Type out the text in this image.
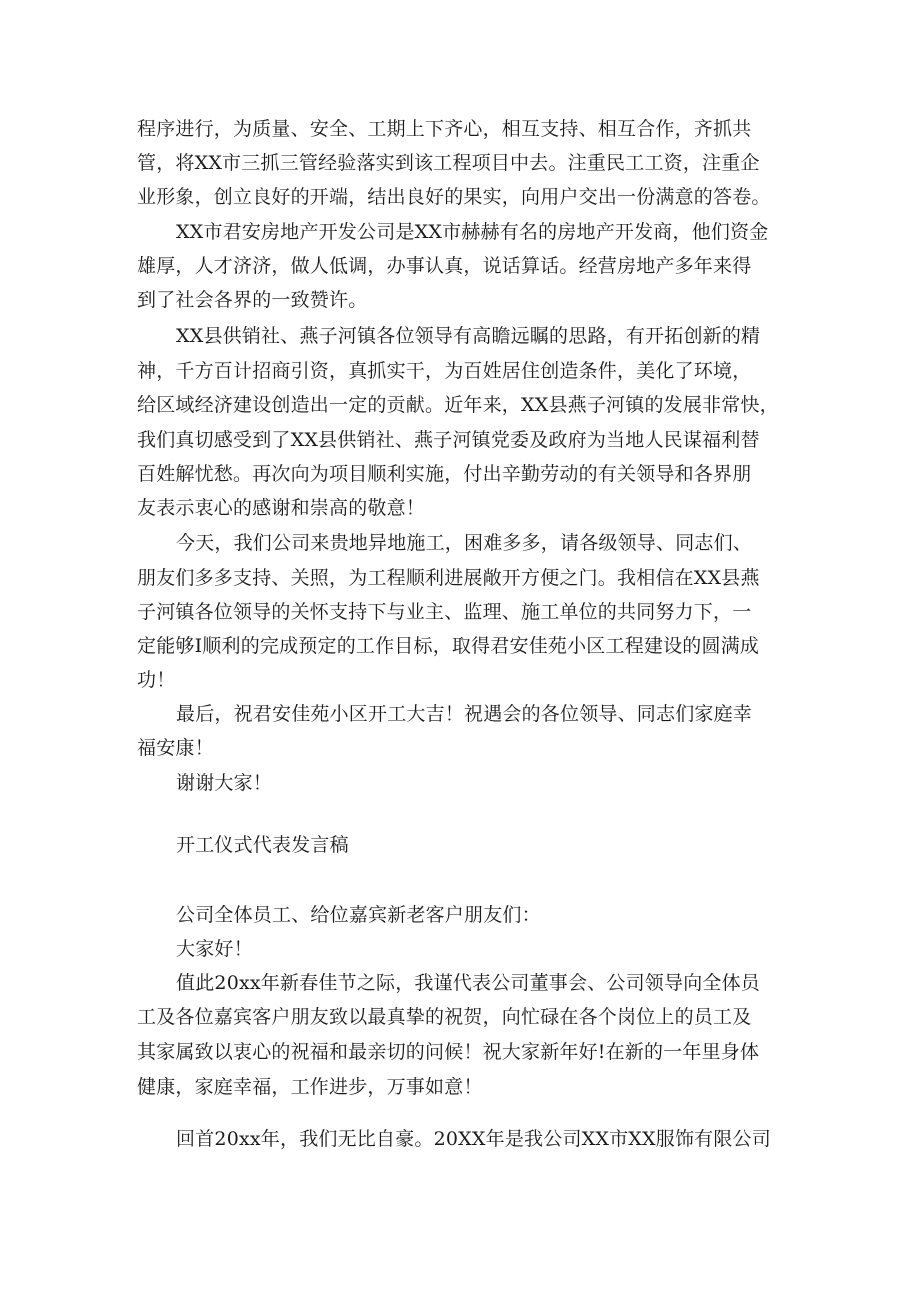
程序进行，为质量、安全、工期上下齐心，相互支持、相互合作，齐抓共
管，将XX市三抓三管经验落实到该工程项目中去。注重民工工资，注重企
业形象，创立良好的开端，结出良好的果实，向用户交出一份满意的答卷。
XX市君安房地产开发公司是XX市赫赫有名的房地产开发商，他们资金
雄厚，人才济济，做人低调，办事认真，说话算话。经营房地产多年来得
到了社会各界的一致赞许。
XX县供销社、燕子河镇各位领导有高瞻远瞩的思路，有开拓创新的精
神，千方百计招商引资，真抓实干，为百姓居住创造条件，美化了环境，
给区域经济建设创造出一定的贡献。近年来，XX县燕子河镇的发展非常快，
我们真切感受到了XX县供销社、燕子河镇党委及政府为当地人民谋福利替
百姓解忧愁。再次向为项目顺利实施，付出辛勤劳动的有关领导和各界朋
友表示衷心的感谢和崇高的敬意！
今天，我们公司来贵地异地施工，困难多多，请各级领导、同志们、
朋友们多多支持、关照，为工程顺利进展敞开方便之门。我相信在XX县燕
子河镇各位领导的关怀支持下与业主、监理、施工单位的共同努力下，一
定能够I顺利的完成预定的工作目标，取得君安佳苑小区工程建设的圆满成
功！
最后，祝君安佳苑小区开工大吉！祝遇会的各位领导、同志们家庭幸
福安康！
谢谢大家！
开工仪式代表发言稿
公司全体员工、给位嘉宾新老客户朋友们：
大家好！
值此20xx年新春佳节之际，我谨代表公司董事会、公司领导向全体员
工及各位嘉宾客户朋友致以最真挚的祝贺，向忙碌在各个岗位上的员工及
其家属致以衷心的祝福和最亲切的问候！祝大家新年好!在新的一年里身体
健康，家庭幸福，工作进步，万事如意！
回首20xx年，我们无比自豪。20XX年是我公司XX市XX服饰有限公司
